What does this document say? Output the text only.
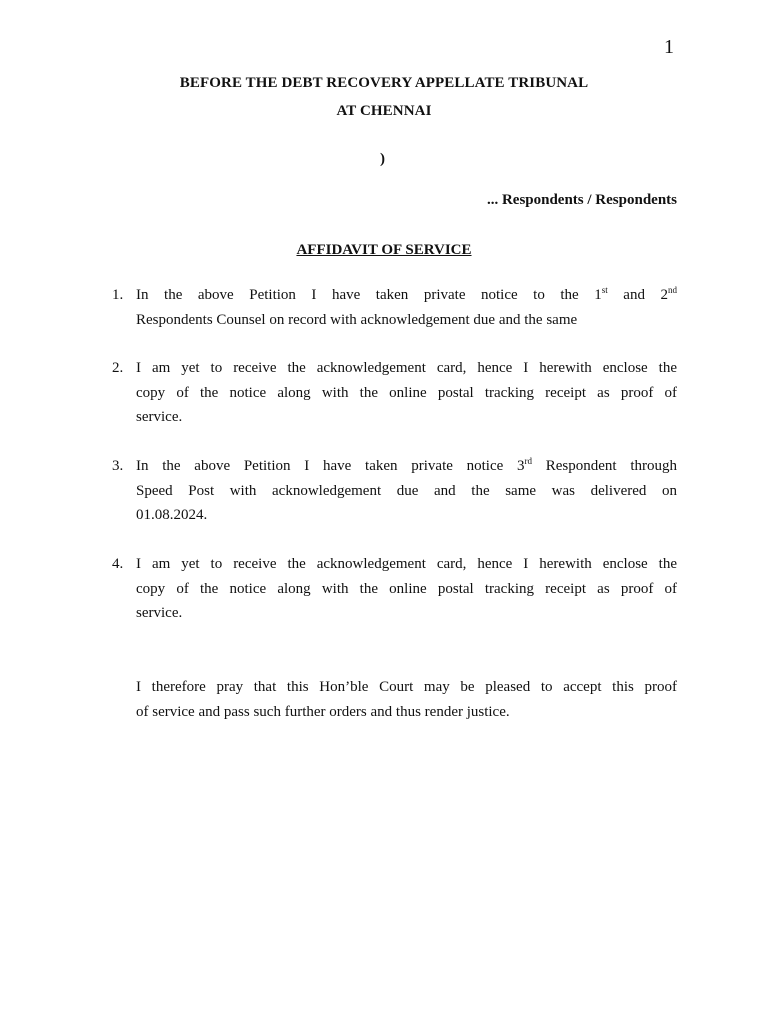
1
BEFORE THE DEBT RECOVERY APPELLATE TRIBUNAL
AT CHENNAI
)
... Respondents / Respondents
AFFIDAVIT OF SERVICE
1. In the above Petition I have taken private notice to the 1st and 2nd
Respondents Counsel on record with acknowledgement due and the same
2. I am yet to receive the acknowledgement card, hence I herewith enclose the
copy of the notice along with the online postal tracking receipt as proof of
service.
3. In the above Petition I have taken private notice 3rd Respondent through
Speed Post with acknowledgement due and the same was delivered on
01.08.2024.
4. I am yet to receive the acknowledgement card, hence I herewith enclose the
copy of the notice along with the online postal tracking receipt as proof of
service.
I therefore pray that this Hon’ble Court may be pleased to accept this proof
of service and pass such further orders and thus render justice.
